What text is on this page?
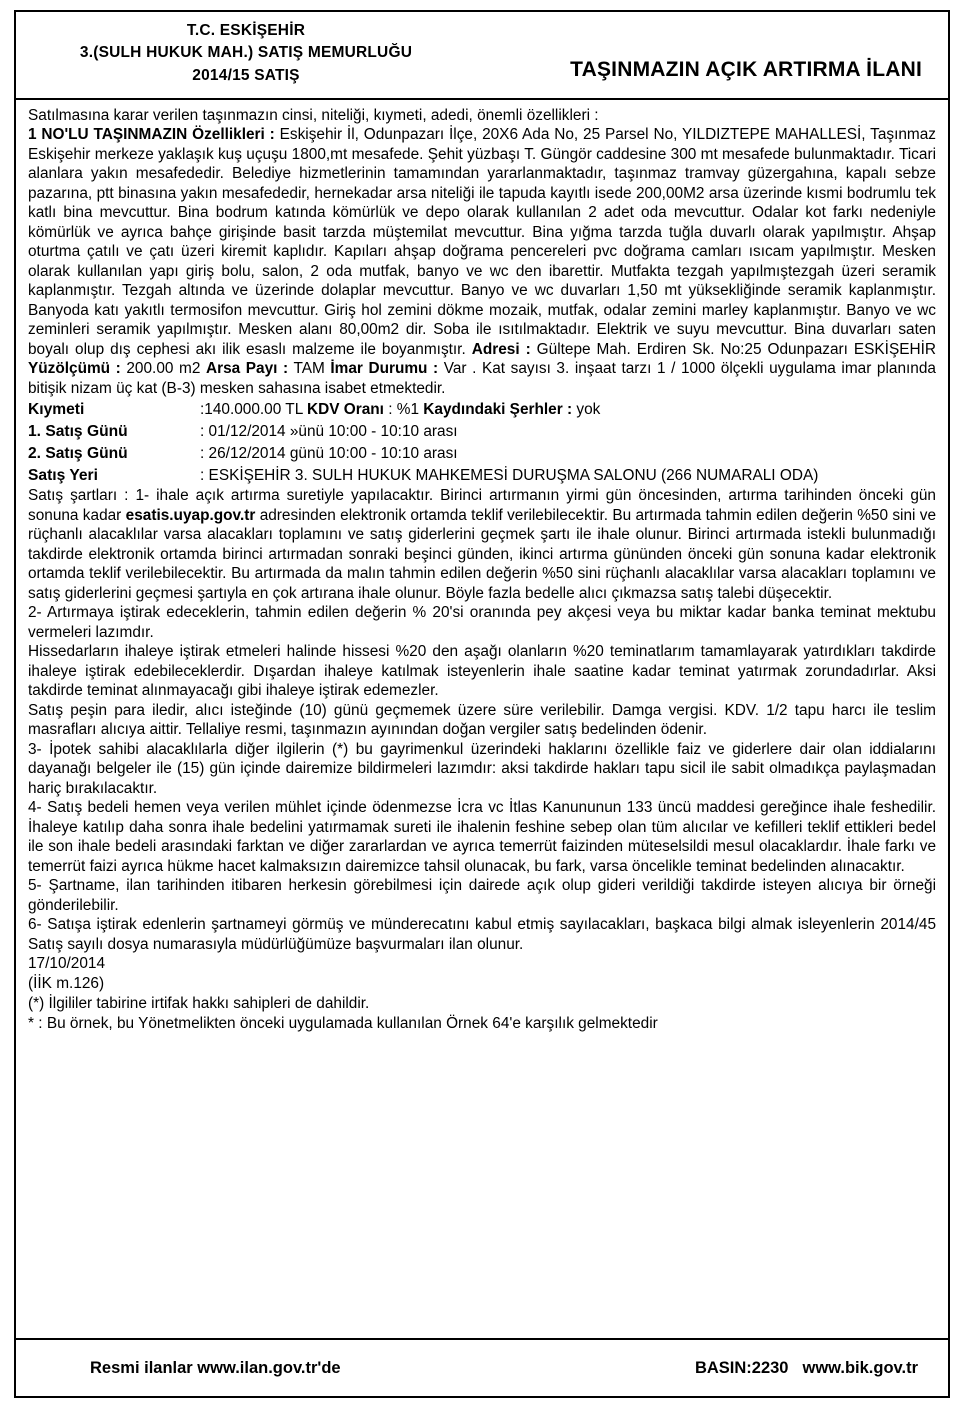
T.C. ESKİŞEHİR
3.(SULH HUKUK MAH.) SATIŞ MEMURLUĞU
2014/15 SATIŞ	TAŞINMAZIN AÇIK ARTIRMA İLANI

Satılmasına karar verilen taşınmazın cinsi, niteliği, kıymeti, adedi, önemli özellikleri :

1 NO'LU TAŞINMAZIN Özellikleri : Eskişehir İl, Odunpazarı İlçe, 20X6 Ada No, 25 Parsel No, YILDIZTEPE MAHALLESİ, Taşınmaz Eskişehir merkeze yaklaşık kuş uçuşu 1800,mt mesafede. Şehit yüzbaşı T. Güngör caddesine 300 mt mesafede bulunmaktadır. Ticari alanlara yakın mesafededir. Belediye hizmetlerinin tamamından yararlanmaktadır, taşınmaz tramvay güzergahına, kapalı sebze pazarına, ptt binasına yakın mesafededir, hernekadar arsa niteliği ile tapuda kayıtlı isede 200,00M2 arsa üzerinde kısmi bodrumlu tek katlı bina mevcuttur. Bina bodrum katında kömürlük ve depo olarak kullanılan 2 adet oda mevcuttur. Odalar kot farkı nedeniyle kömürlük ve ayrıca bahçe girişinde basit tarzda müştemilat mevcuttur. Bina yığma tarzda tuğla duvarlı olarak yapılmıştır. Ahşap oturtma çatılı ve çatı üzeri kiremit kaplıdır. Kapıları ahşap doğrama pencereleri pvc doğrama camları ısıcam yapılmıştır. Mesken olarak kullanılan yapı giriş bolu, salon, 2 oda mutfak, banyo ve wc den ibarettir. Mutfakta tezgah yapılmıştezgah üzeri seramik kaplanmıştır. Tezgah altında ve üzerinde dolaplar mevcuttur. Banyo ve wc duvarları 1,50 mt yüksekliğinde seramik kaplanmıştır. Banyoda katı yakıtlı termosifon mevcuttur. Giriş hol zemini dökme mozaik, mutfak, odalar zemini marley kaplanmıştır. Banyo ve wc zeminleri seramik yapılmıştır. Mesken alanı 80,00m2 dir. Soba ile ısıtılmaktadır. Elektrik ve suyu mevcuttur. Bina duvarları saten boyalı olup dış cephesi akı ilik esaslı malzeme ile boyanmıştır. Adresi : Gültepe Mah. Erdiren Sk. No:25 Odunpazarı ESKİŞEHİR Yüzölçümü : 200.00 m2 Arsa Payı : TAM İmar Durumu : Var . Kat sayısı 3. inşaat tarzı 1 / 1000 ölçekli uygulama imar planında bitişik nizam üç kat (B-3) mesken sahasına isabet etmektedir.

Kıymeti	:140.000.00 TL KDV Oranı : %1 Kaydındaki Şerhler : yok
1. Satış Günü	: 01/12/2014 »ünü 10:00 - 10:10 arası
2. Satış Günü	: 26/12/2014 günü 10:00 - 10:10 arası
Satış Yeri	: ESKİŞEHİR 3. SULH HUKUK MAHKEMESİ DURUŞMA SALONU (266 NUMARALI ODA)

Satış şartları : 1- ihale açık artırma suretiyle yapılacaktır. Birinci artırmanın yirmi gün öncesinden, artırma tarihinden önceki gün sonuna kadar esatis.uyap.gov.tr adresinden elektronik ortamda teklif verilebilecektir. Bu artırmada tahmin edilen değerin %50 sini ve rüçhanlı alacaklılar varsa alacakları toplamını ve satış giderlerini geçmek şartı ile ihale olunur. Birinci artırmada istekli bulunmadığı takdirde elektronik ortamda birinci artırmadan sonraki beşinci günden, ikinci artırma gününden önceki gün sonuna kadar elektronik ortamda teklif verilebilecektir. Bu artırmada da malın tahmin edilen değerin %50 sini rüçhanlı alacaklılar varsa alacakları toplamını ve satış giderlerini geçmesi şartıyla en çok artırana ihale olunur. Böyle fazla bedelle alıcı çıkmazsa satış talebi düşecektir.

2- Artırmaya iştirak edeceklerin, tahmin edilen değerin % 20'si oranında pey akçesi veya bu miktar kadar banka teminat mektubu vermeleri lazımdır.

Hissedarların ihaleye iştirak etmeleri halinde hissesi %20 den aşağı olanların %20 teminatlarım tamamlayarak yatırdıkları takdirde ihaleye iştirak edebileceklerdir. Dışardan ihaleye katılmak isteyenlerin ihale saatine kadar teminat yatırmak zorundadırlar. Aksi takdirde teminat alınmayacağı gibi ihaleye iştirak edemezler.

Satış peşin para iledir, alıcı isteğinde (10) günü geçmemek üzere süre verilebilir. Damga vergisi. KDV. 1/2 tapu harcı ile teslim masrafları alıcıya aittir. Tellaliye resmi, taşınmazın ayınından doğan vergiler satış bedelinden ödenir.

3- İpotek sahibi alacaklılarla diğer ilgilerin (*) bu gayrimenkul üzerindeki haklarını özellikle faiz ve giderlere dair olan iddialarını dayanağı belgeler ile (15) gün içinde dairemize bildirmeleri lazımdır: aksi takdirde hakları tapu sicil ile sabit olmadıkça paylaşmadan hariç bırakılacaktır.

4- Satış bedeli hemen veya verilen mühlet içinde ödenmezse İcra vc İtlas Kanununun 133 üncü maddesi gereğince ihale feshedilir. İhaleye katılıp daha sonra ihale bedelini yatırmamak sureti ile ihalenin feshine sebep olan tüm alıcılar ve kefilleri teklif ettikleri bedel ile son ihale bedeli arasındaki farktan ve diğer zararlardan ve ayrıca temerrüt faizinden müteselsildi mesul olacaklardır. İhale farkı ve temerrüt faizi ayrıca hükme hacet kalmaksızın dairemizce tahsil olunacak, bu fark, varsa öncelikle teminat bedelinden alınacaktır.

5- Şartname, ilan tarihinden itibaren herkesin görebilmesi için dairede açık olup gideri verildiği takdirde isteyen alıcıya bir örneği gönderilebilir.

6- Satışa iştirak edenlerin şartnameyi görmüş ve münderecatını kabul etmiş sayılacakları, başkaca bilgi almak isleyenlerin 2014/45 Satış sayılı dosya numarasıyla müdürlüğümüze başvurmaları ilan olunur.

17/10/2014
(İİK m.126)
(*) İlgililer tabirine irtifak hakkı sahipleri de dahildir.
* : Bu örnek, bu Yönetmelikten önceki uygulamada kullanılan Örnek 64'e karşılık gelmektedir
Resmi ilanlar www.ilan.gov.tr'de	BASIN:2230 www.bik.gov.tr
